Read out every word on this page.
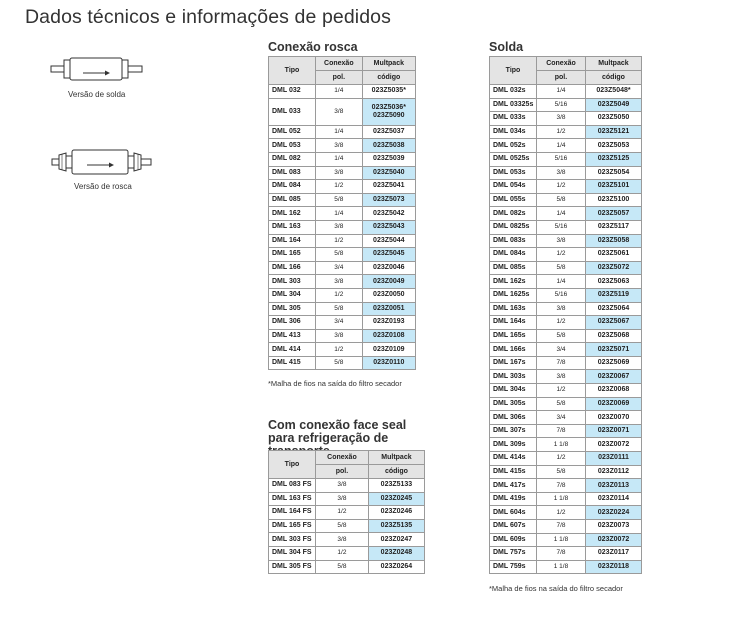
Dados técnicos e informações de pedidos
Versão de solda
Versão de rosca
Conexão rosca
Tipo	Conexão	Multpack
	pol.	código
DML 032	1/4	023Z5035*
DML 033	3/8	023Z5036*
023Z5090
DML 052	1/4	023Z5037
DML 053	3/8	023Z5038
DML 082	1/4	023Z5039
DML 083	3/8	023Z5040
DML 084	1/2	023Z5041
DML 085	5/8	023Z5073
DML 162	1/4	023Z5042
DML 163	3/8	023Z5043
DML 164	1/2	023Z5044
DML 165	5/8	023Z5045
DML 166	3/4	023Z0046
DML 303	3/8	023Z0049
DML 304	1/2	023Z0050
DML 305	5/8	023Z0051
DML 306	3/4	023Z0193
DML 413	3/8	023Z0108
DML 414	1/2	023Z0109
DML 415	5/8	023Z0110
*Malha de fios na saída do filtro secador
Com conexão face seal para refrigeração de
Tipo	Conexão	Multpack
	pol.	código
DML 083 FS	3/8	023Z5133
DML 163 FS	3/8	023Z0245
DML 164 FS	1/2	023Z0246
DML 165 FS	5/8	023Z5135
DML 303 FS	3/8	023Z0247
DML 304 FS	1/2	023Z0248
DML 305 FS	5/8	023Z0264
Solda
Tipo	Conexão	Multpack
	pol.	código
DML 032s	1/4	023Z5048*
DML 03325s	5/16	023Z5049
DML 033s	3/8	023Z5050
DML 034s	1/2	023Z5121
DML 052s	1/4	023Z5053
DML 0525s	5/16	023Z5125
DML 053s	3/8	023Z5054
DML 054s	1/2	023Z5101
DML 055s	5/8	023Z5100
DML 082s	1/4	023Z5057
DML 0825s	5/16	023Z5117
DML 083s	3/8	023Z5058
DML 084s	1/2	023Z5061
DML 085s	5/8	023Z5072
DML 162s	1/4	023Z5063
DML 1625s	5/16	023Z5119
DML 163s	3/8	023Z5064
DML 164s	1/2	023Z5067
DML 165s	5/8	023Z5068
DML 166s	3/4	023Z5071
DML 167s	7/8	023Z5069
DML 303s	3/8	023Z0067
DML 304s	1/2	023Z0068
DML 305s	5/8	023Z0069
DML 306s	3/4	023Z0070
DML 307s	7/8	023Z0071
DML 309s	1 1/8	023Z0072
DML 414s	1/2	023Z0111
DML 415s	5/8	023Z0112
DML 417s	7/8	023Z0113
DML 419s	1 1/8	023Z0114
DML 604s	1/2	023Z0224
DML 607s	7/8	023Z0073
DML 609s	1 1/8	023Z0072
DML 757s	7/8	023Z0117
DML 759s	1 1/8	023Z0118
*Malha de fios na saída do filtro secador
